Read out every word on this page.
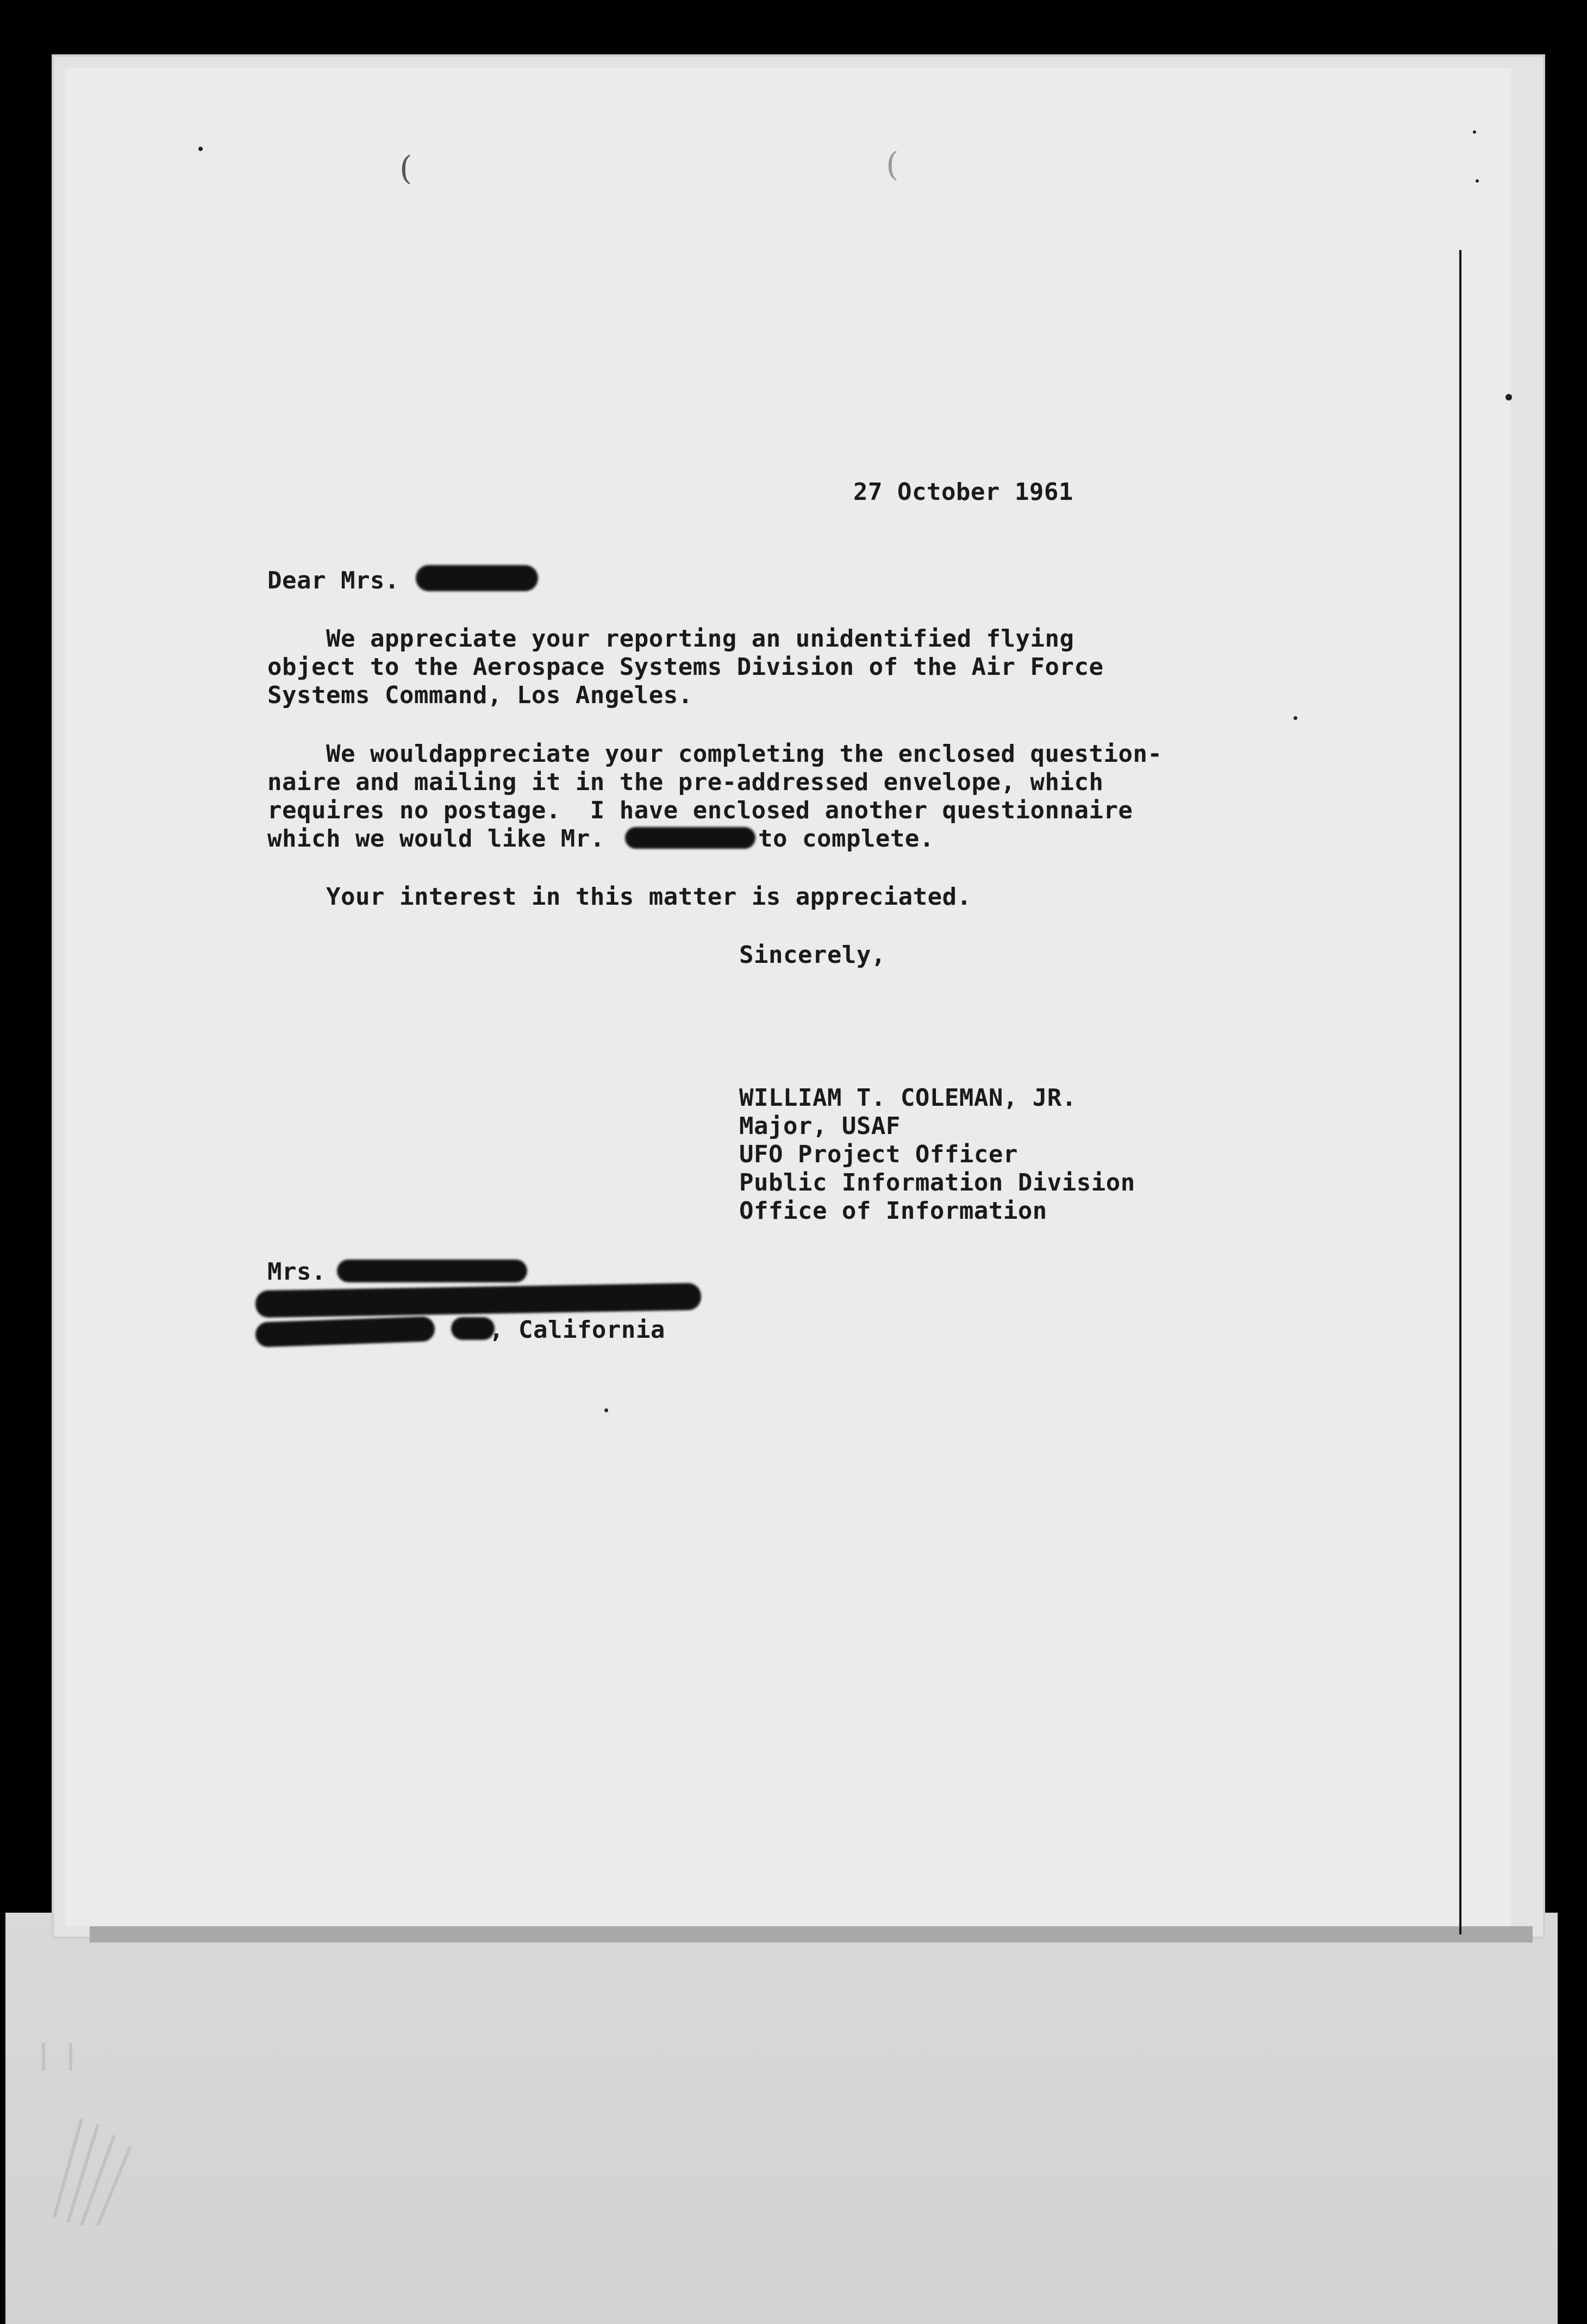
(	(
27 October 1961
Dear Mrs.
We appreciate your reporting an unidentified flying
object to the Aerospace Systems Division of the Air Force
Systems Command, Los Angeles.
We wouldappreciate your completing the enclosed question-
naire and mailing it in the pre-addressed envelope, which
requires no postage.  I have enclosed another questionnaire
which we would like Mr.	to complete.
Your interest in this matter is appreciated.
Sincerely,
WILLIAM T. COLEMAN, JR.
Major, USAF
UFO Project Officer
Public Information Division
Office of Information
Mrs.
, California
